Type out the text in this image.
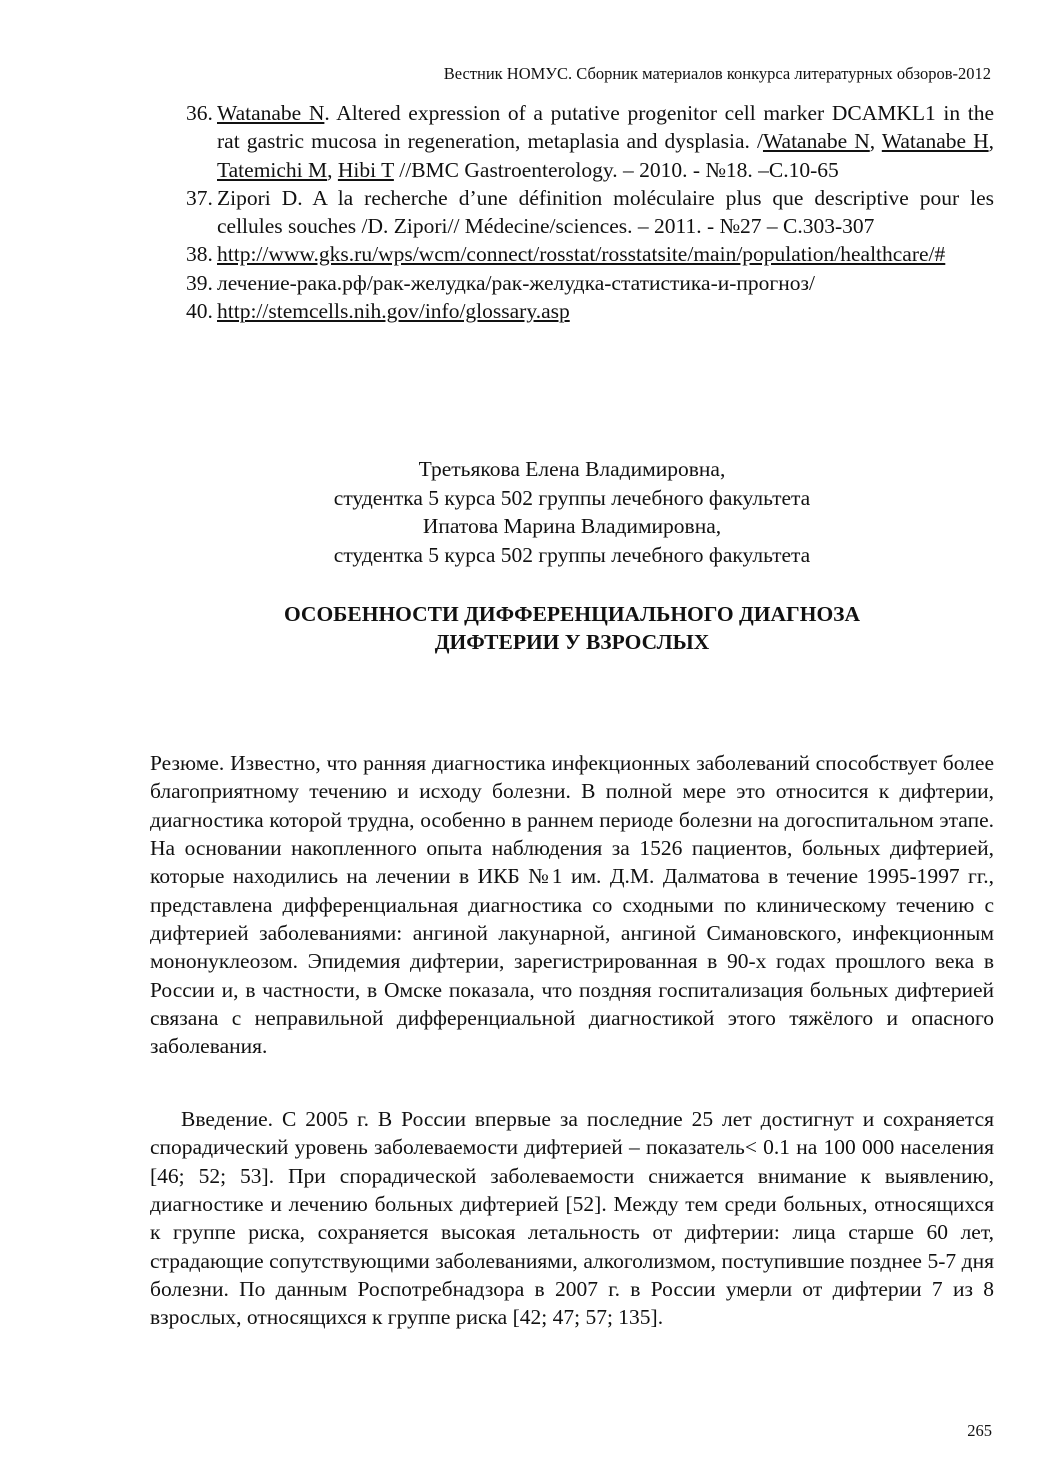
Вестник НОМУС. Сборник материалов конкурса литературных обзоров-2012
36. Watanabe N. Altered expression of a putative progenitor cell marker DCAMKL1 in the rat gastric mucosa in regeneration, metaplasia and dysplasia. /Watanabe N, Watanabe H, Tatemichi M, Hibi T //BMC Gastroenterology. – 2010. - №18. –C.10-65
37. Zipori D. A la recherche d’une définition moléculaire plus que descriptive pour les cellules souches /D. Zipori// Médecine/sciences. – 2011. - №27 – C.303-307
38. http://www.gks.ru/wps/wcm/connect/rosstat/rosstatsite/main/population/healthcare/#
39. лечение-рака.рф/рак-желудка/рак-желудка-статистика-и-прогноз/
40. http://stemcells.nih.gov/info/glossary.asp
Третьякова Елена Владимировна,
студентка 5 курса 502 группы лечебного факультета
Ипатова Марина Владимировна,
студентка 5 курса 502 группы лечебного факультета
ОСОБЕННОСТИ ДИФФЕРЕНЦИАЛЬНОГО ДИАГНОЗА
ДИФТЕРИИ У ВЗРОСЛЫХ
Резюме. Известно, что ранняя диагностика инфекционных заболеваний способствует более благоприятному течению и исходу болезни. В полной мере это относится к дифтерии, диагностика которой трудна, особенно в раннем периоде болезни на догоспитальном этапе. На основании накопленного опыта наблюдения за 1526 пациентов, больных дифтерией, которые находились на лечении в ИКБ №1 им. Д.М. Далматова в течение 1995-1997 гг., представлена дифференциальная диагностика со сходными по клиническому течению с дифтерией заболеваниями: ангиной лакунарной, ангиной Симановского, инфекционным мононуклеозом. Эпидемия дифтерии, зарегистрированная в 90-х годах прошлого века в России и, в частности, в Омске показала, что поздняя госпитализация больных дифтерией связана с неправильной дифференциальной диагностикой этого тяжёлого и опасного заболевания.
Введение. С 2005 г. В России впервые за последние 25 лет достигнут и сохраняется спорадический уровень заболеваемости дифтерией – показатель< 0.1 на 100 000 населения [46; 52; 53]. При спорадической заболеваемости снижается внимание к выявлению, диагностике и лечению больных дифтерией [52]. Между тем среди больных, относящихся к группе риска, сохраняется высокая летальность от дифтерии: лица старше 60 лет, страдающие сопутствующими заболеваниями, алкоголизмом, поступившие позднее 5-7 дня болезни. По данным Роспотребнадзора в 2007 г. в России умерли от дифтерии 7 из 8 взрослых, относящихся к группе риска [42; 47; 57; 135].
265
